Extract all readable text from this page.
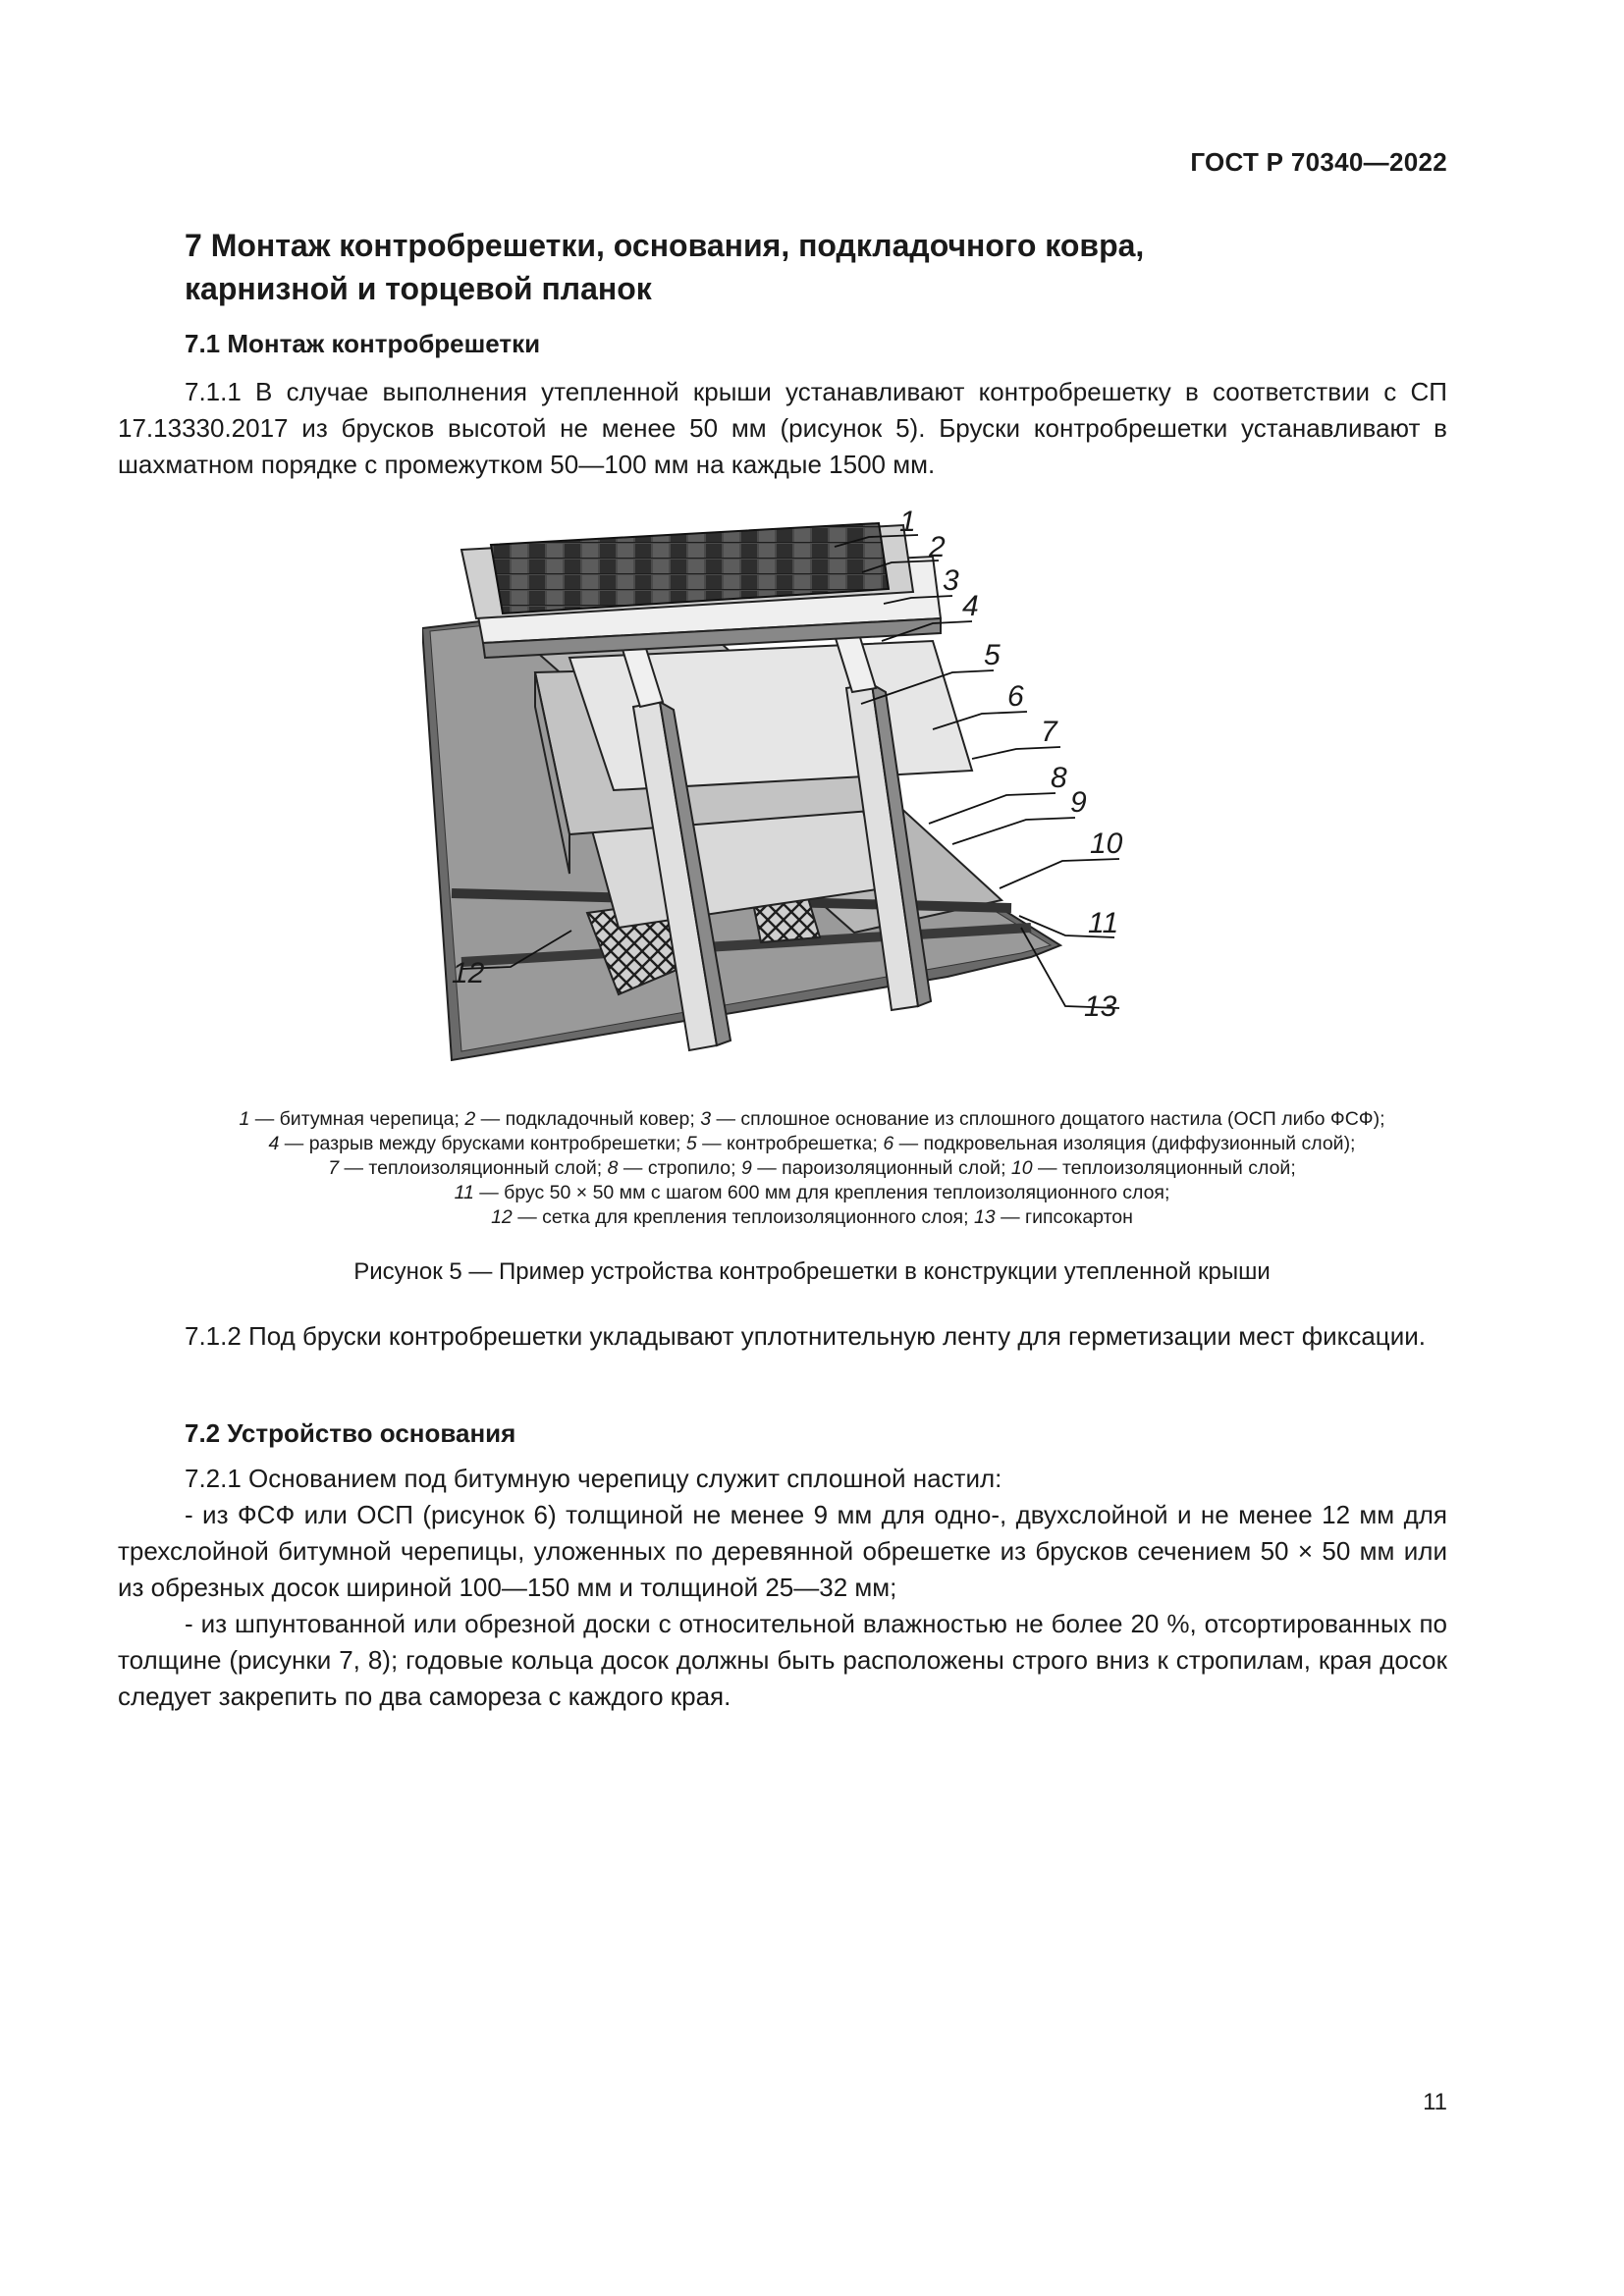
ГОСТ Р 70340—2022
7 Монтаж контробрешетки, основания, подкладочного ковра,
карнизной и торцевой планок
7.1 Монтаж контробрешетки

7.1.1 В случае выполнения утепленной крыши устанавливают контробрешетку в соответствии с СП 17.13330.2017 из брусков высотой не менее 50 мм (рисунок 5). Бруски контробрешетки устанавливают в шахматном порядке с промежутком 50—100 мм на каждые 1500 мм.

1
2
3
4
5
6
7
8
9
10
11
13
12

1 — битумная черепица; 2 — подкладочный ковер; 3 — сплошное основание из сплошного дощатого настила (ОСП либо ФСФ);
4 — разрыв между брусками контробрешетки; 5 — контробрешетка; 6 — подкровельная изоляция (диффузионный слой);
7 — теплоизоляционный слой; 8 — стропило; 9 — пароизоляционный слой; 10 — теплоизоляционный слой;
11 — брус 50 × 50 мм с шагом 600 мм для крепления теплоизоляционного слоя;
12 — сетка для крепления теплоизоляционного слоя; 13 — гипсокартон

Рисунок 5 — Пример устройства контробрешетки в конструкции утепленной крыши

7.1.2 Под бруски контробрешетки укладывают уплотнительную ленту для герметизации мест фиксации.

7.2 Устройство основания

7.2.1 Основанием под битумную черепицу служит сплошной настил:

- из ФСФ или ОСП (рисунок 6) толщиной не менее 9 мм для одно-, двухслойной и не менее 12 мм для трехслойной битумной черепицы, уложенных по деревянной обрешетке из брусков сечением 50 × 50 мм или из обрезных досок шириной 100—150 мм и толщиной 25—32 мм;

- из шпунтованной или обрезной доски с относительной влажностью не более 20 %, отсортированных по толщине (рисунки 7, 8); годовые кольца досок должны быть расположены строго вниз к стропилам, края досок следует закрепить по два самореза с каждого края.

11
